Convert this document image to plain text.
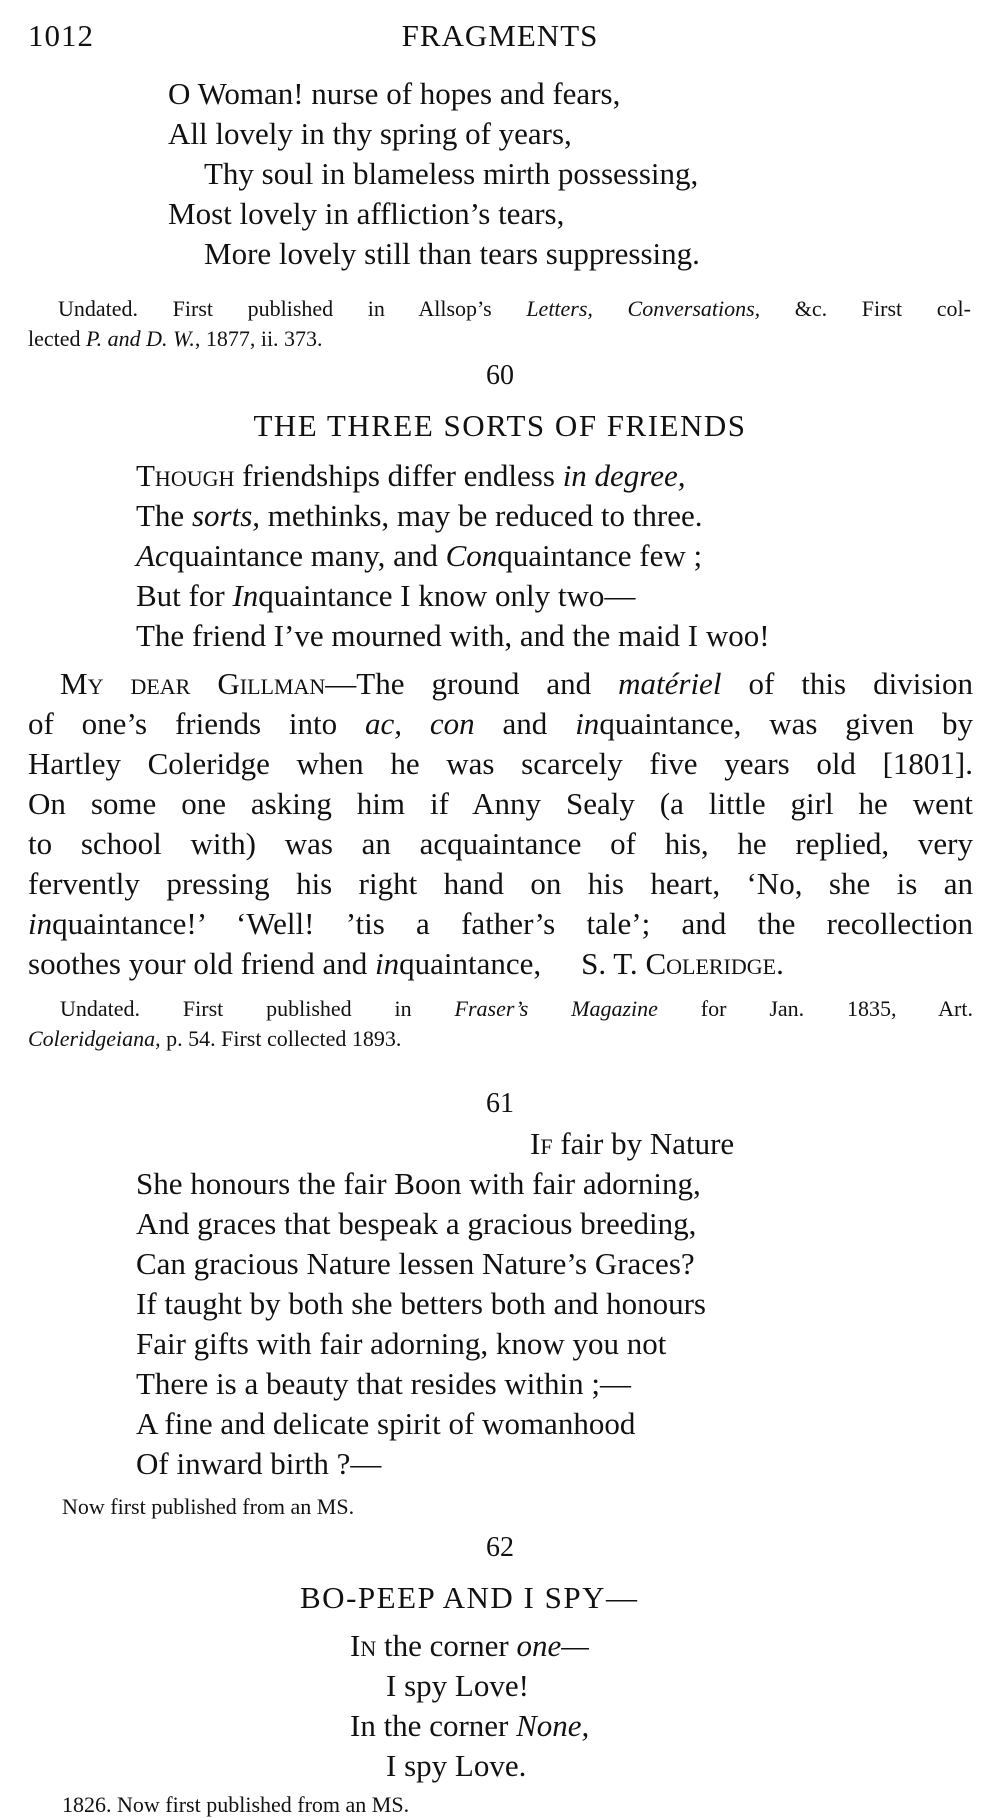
1012	FRAGMENTS
O Woman! nurse of hopes and fears,
All lovely in thy spring of years,
Thy soul in blameless mirth possessing,
Most lovely in affliction’s tears,
More lovely still than tears suppressing.
Undated. First published in Allsop’s Letters, Conversations, &c. First col-
lected P. and D. W., 1877, ii. 373.
60
THE THREE SORTS OF FRIENDS
Though friendships differ endless in degree,
The sorts, methinks, may be reduced to three.
Acquaintance many, and Conquaintance few ;
But for Inquaintance I know only two—
The friend I’ve mourned with, and the maid I woo!
My dear Gillman—The ground and matériel of this division
of one’s friends into ac, con and inquaintance, was given by
Hartley Coleridge when he was scarcely five years old [1801].
On some one asking him if Anny Sealy (a little girl he went
to school with) was an acquaintance of his, he replied, very
fervently pressing his right hand on his heart, ‘No, she is an
inquaintance!’ ‘Well! ’tis a father’s tale’; and the recollection
soothes your old friend and inquaintance, S. T. Coleridge.
Undated. First published in Fraser’s Magazine for Jan. 1835, Art.
Coleridgeiana, p. 54. First collected 1893.
61
If fair by Nature
She honours the fair Boon with fair adorning,
And graces that bespeak a gracious breeding,
Can gracious Nature lessen Nature’s Graces?
If taught by both she betters both and honours
Fair gifts with fair adorning, know you not
There is a beauty that resides within ;—
A fine and delicate spirit of womanhood
Of inward birth ?—
Now first published from an MS.
62
BO-PEEP AND I SPY—
In the corner one—
I spy Love!
In the corner None,
I spy Love.
1826. Now first published from an MS.
